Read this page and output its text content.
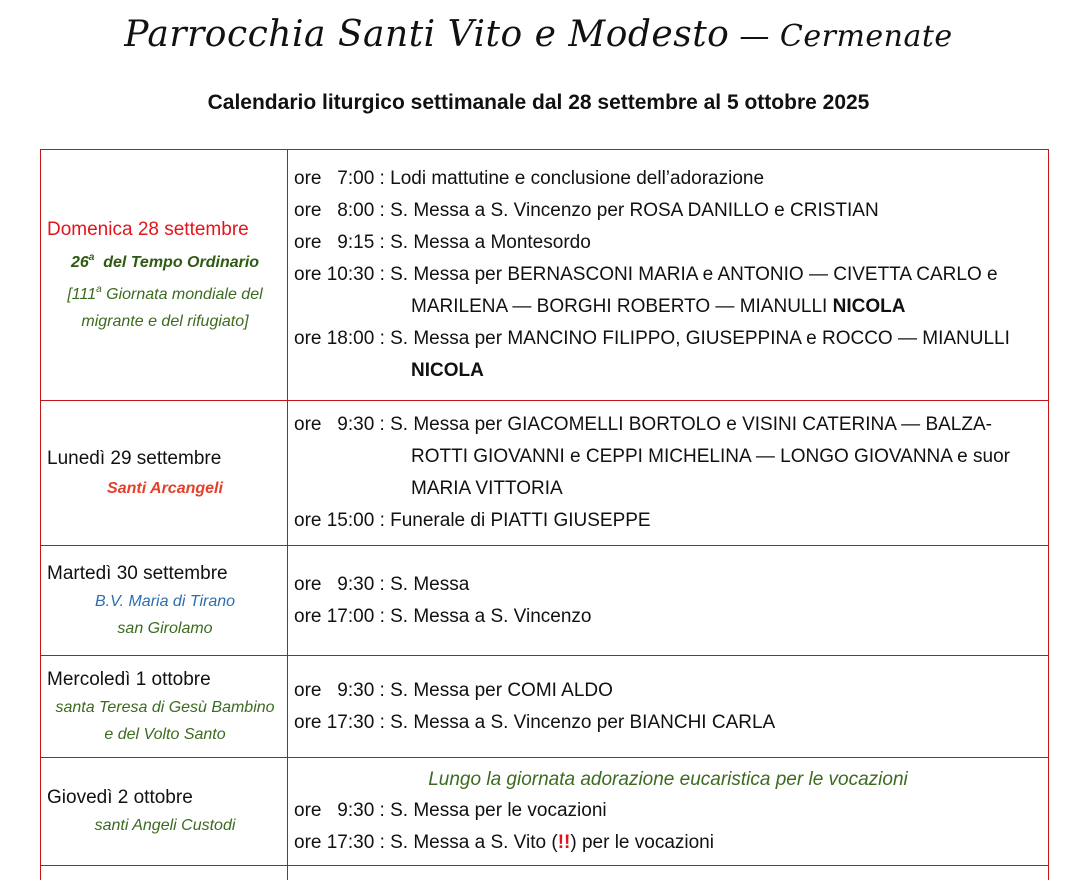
Parrocchia Santi Vito e Modesto — Cermenate
Calendario liturgico settimanale dal 28 settembre al 5 ottobre 2025
Domenica 28 settembre
26$^a$  del Tempo Ordinario
[111$^a$ Giornata mondiale del migrante e del rifugiato]

ore   7:00 : Lodi mattutine e conclusione dell’adorazione
ore   8:00 : S. Messa a S. Vincenzo per ROSA DANILLO e CRISTIAN
ore   9:15 : S. Messa a Montesordo
ore 10:30 : S. Messa per BERNASCONI MARIA e ANTONIO — CIVETTA CARLO e
MARILENA — BORGHI ROBERTO — MIANULLI NICOLA
ore 18:00 : S. Messa per MANCINO FILIPPO, GIUSEPPINA e ROCCO — MIANULLI
NICOLA

Lunedì 29 settembre
Santi Arcangeli

ore   9:30 : S. Messa per GIACOMELLI BORTOLO e VISINI CATERINA — BALZA-
ROTTI GIOVANNI e CEPPI MICHELINA — LONGO GIOVANNA e suor
MARIA VITTORIA
ore 15:00 : Funerale di PIATTI GIUSEPPE

Martedì 30 settembre
B.V. Maria di Tirano
san Girolamo

ore   9:30 : S. Messa
ore 17:00 : S. Messa a S. Vincenzo

Mercoledì 1 ottobre
santa Teresa di Gesù Bambino
e del Volto Santo

ore   9:30 : S. Messa per COMI ALDO
ore 17:30 : S. Messa a S. Vincenzo per BIANCHI CARLA

Giovedì 2 ottobre
santi Angeli Custodi

Lungo la giornata adorazione eucaristica per le vocazioni
ore   9:30 : S. Messa per le vocazioni
ore 17:30 : S. Messa a S. Vito (!!) per le vocazioni
